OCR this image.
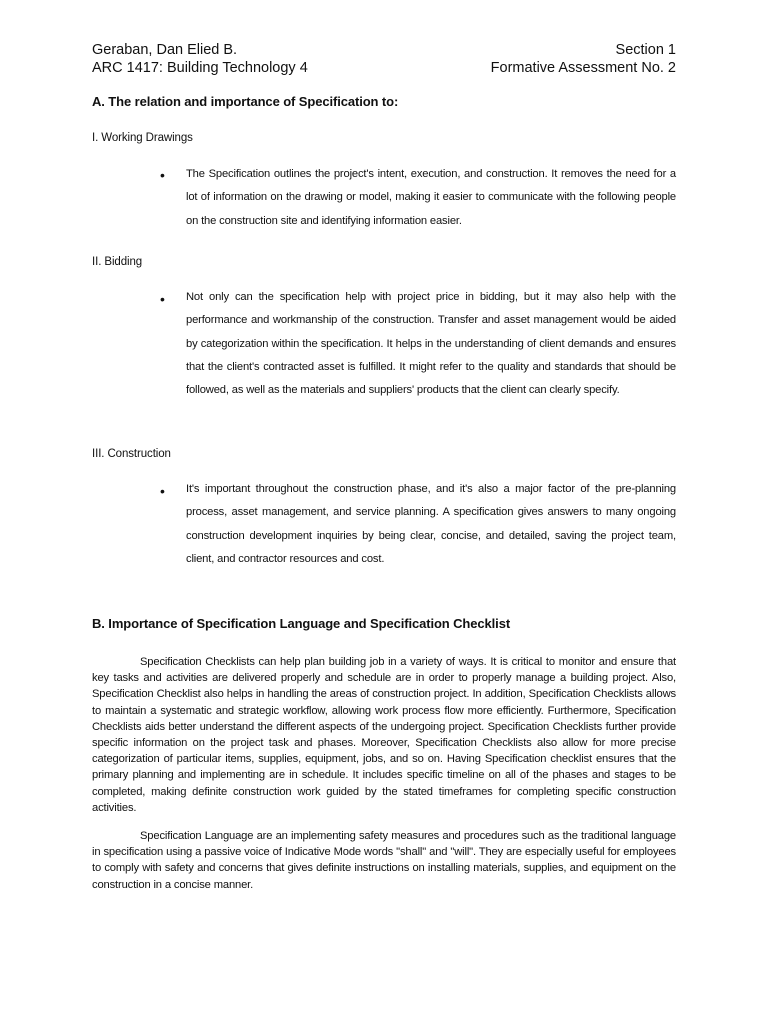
Geraban, Dan Elied B.	Section 1
ARC 1417: Building Technology 4	Formative Assessment No. 2
A. The relation and importance of Specification to:
I. Working Drawings
• The Specification outlines the project's intent, execution, and construction. It removes the need for a lot of information on the drawing or model, making it easier to communicate with the following people on the construction site and identifying information easier.
II. Bidding
• Not only can the specification help with project price in bidding, but it may also help with the performance and workmanship of the construction. Transfer and asset management would be aided by categorization within the specification. It helps in the understanding of client demands and ensures that the client's contracted asset is fulfilled. It might refer to the quality and standards that should be followed, as well as the materials and suppliers' products that the client can clearly specify.
III. Construction
• It's important throughout the construction phase, and it's also a major factor of the pre-planning process, asset management, and service planning. A specification gives answers to many ongoing construction development inquiries by being clear, concise, and detailed, saving the project team, client, and contractor resources and cost.
B. Importance of Specification Language and Specification Checklist
Specification Checklists can help plan building job in a variety of ways. It is critical to monitor and ensure that key tasks and activities are delivered properly and schedule are in order to properly manage a building project. Also, Specification Checklist also helps in handling the areas of construction project. In addition, Specification Checklists allows to maintain a systematic and strategic workflow, allowing work process flow more efficiently. Furthermore, Specification Checklists aids better understand the different aspects of the undergoing project. Specification Checklists further provide specific information on the project task and phases. Moreover, Specification Checklists also allow for more precise categorization of particular items, supplies, equipment, jobs, and so on. Having Specification checklist ensures that the primary planning and implementing are in schedule. It includes specific timeline on all of the phases and stages to be completed, making definite construction work guided by the stated timeframes for completing specific construction activities.
Specification Language are an implementing safety measures and procedures such as the traditional language in specification using a passive voice of Indicative Mode words "shall" and "will". They are especially useful for employees to comply with safety and concerns that gives definite instructions on installing materials, supplies, and equipment on the construction in a concise manner.
